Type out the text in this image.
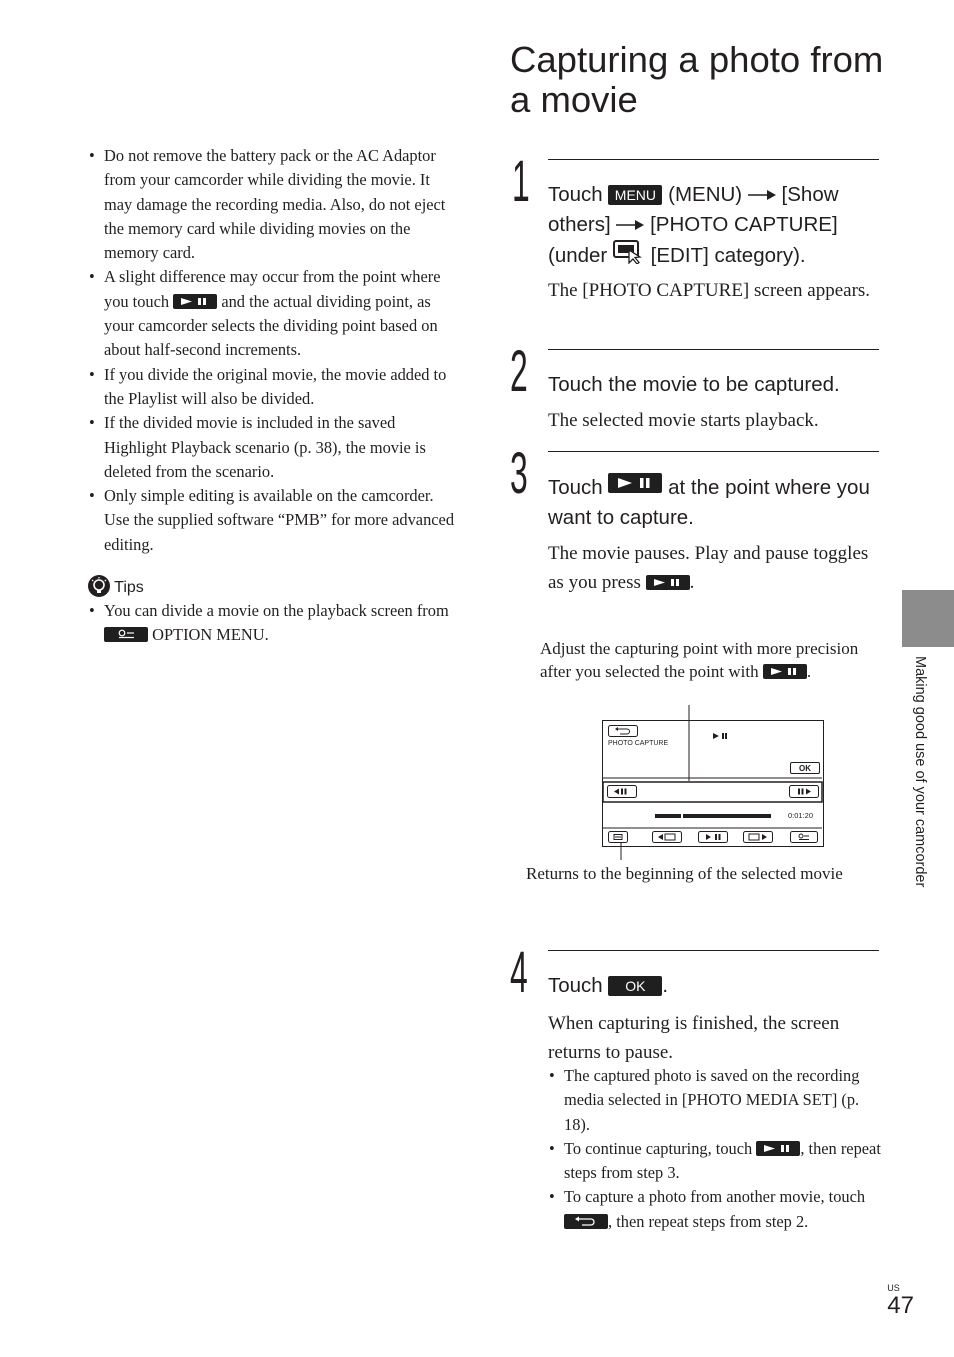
• Do not remove the battery pack or the AC Adaptor from your camcorder while dividing the movie. It may damage the recording media. Also, do not eject the memory card while dividing movies on the memory card.
• A slight difference may occur from the point where you touch	and the actual dividing point, as your camcorder selects the dividing point based on about half-second increments.
• If you divide the original movie, the movie added to the Playlist will also be divided.
• If the divided movie is included in the saved Highlight Playback scenario (p. 38), the movie is deleted from the scenario.
• Only simple editing is available on the camcorder. Use the supplied software “PMB” for more advanced editing.
Tips
• You can divide a movie on the playback screen from  OPTION MENU.
Capturing a photo from a movie
1 Touch MENU (MENU) [Show others] [PHOTO CAPTURE] (under [EDIT] category).
The [PHOTO CAPTURE] screen appears.
2 Touch the movie to be captured.
The selected movie starts playback.
3 Touch	at the point where you want to capture.
The movie pauses. Play and pause toggles as you press	.
Adjust the capturing point with more precision after you selected the point with	.
PHOTO CAPTURE
OK
0:01:20
Returns to the beginning of the selected movie
4 Touch OK .
When capturing is finished, the screen returns to pause.
• The captured photo is saved on the recording media selected in [PHOTO MEDIA SET] (p. 18).
• To continue capturing, touch	, then repeat steps from step 3.
• To capture a photo from another movie, touch , then repeat steps from step 2.
Making good use of your camcorder
US
47
